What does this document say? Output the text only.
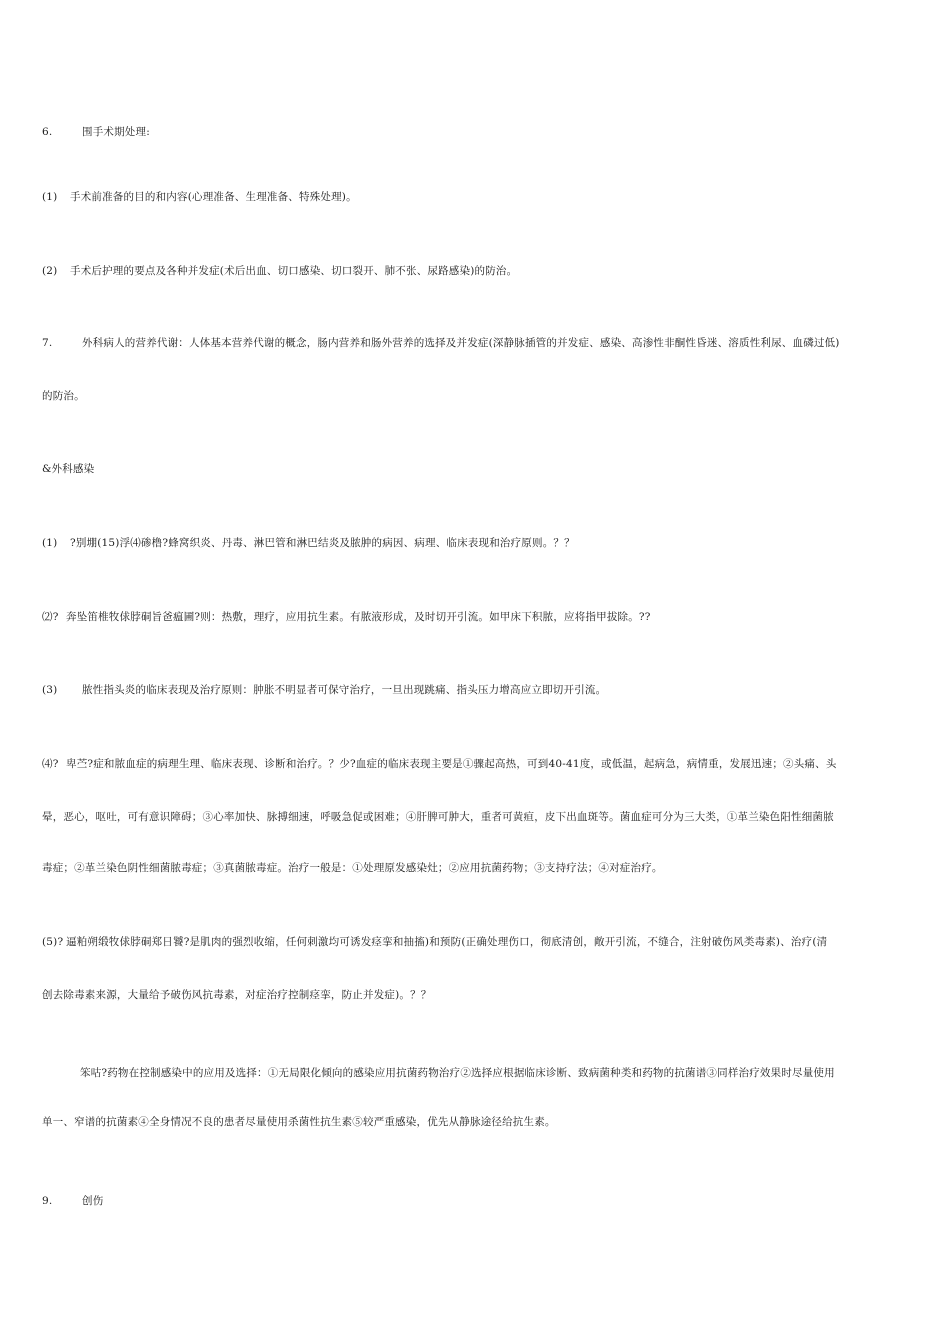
6.	围手术期处理:
(1) 手术前准备的目的和内容(心理准备、生理准备、特殊处理)。
(2) 手术后护理的要点及各种并发症(术后出血、切口感染、切口裂开、肺不张、尿路感染)的防治。
7.	外科病人的营养代谢：人体基本营养代谢的概念，肠内营养和肠外营养的选择及并发症(深静脉插管的并发症、感染、高渗性非酮性昏迷、溶质性利尿、血磷过低)
的防治。
&外科感染
(1) ?别堋(15)浮⑷碜橹?蜂窝织炎、丹毒、淋巴管和淋巴结炎及脓肿的病因、病理、临床表现和治疗原则。？？
⑵? 奔坠笛椎牧俅脖硐旨爸瘟圃?则：热敷，理疗，应用抗生素。有脓液形成，及时切开引流。如甲床下积脓，应将指甲拔除。??
(3) 脓性指头炎的临床表现及治疗原则：肿胀不明显者可保守治疗，一旦出现跳痛、指头压力增高应立即切开引流。
⑷? 卑苎?症和脓血症的病理生理、临床表现、诊断和治疗。？少?血症的临床表现主要是①骤起高热，可到40-41度，或低温，起病急，病情重，发展迅速；②头痛、头
晕，恶心，呕吐，可有意识障碍；③心率加快、脉搏细速，呼吸急促或困难；④肝脾可肿大，重者可黄疸，皮下出血斑等。菌血症可分为三大类，①革兰染色阳性细菌脓
毒症；②革兰染色阴性细菌脓毒症；③真菌脓毒症。治疗一般是：①处理原发感染灶；②应用抗菌药物；③支持疗法；④对症治疗。
(5)? 逼粕朔缎牧俅脖硐郑日饕?是肌肉的强烈收缩，任何刺激均可诱发痉挛和抽搐)和预防(正确处理伤口，彻底清创，敞开引流，不缝合，注射破伤风类毒素)、治疗(清
创去除毒素来源，大量给予破伤风抗毒素，对症治疗控制痉挛，防止并发症)。？？
笨咕?药物在控制感染中的应用及选择：①无局限化倾向的感染应用抗菌药物治疗②选择应根据临床诊断、致病菌种类和药物的抗菌谱③同样治疗效果时尽量使用
单一、窄谱的抗菌素④全身情况不良的患者尽量使用杀菌性抗生素⑤较严重感染，优先从静脉途径给抗生素。
9.	创伤
